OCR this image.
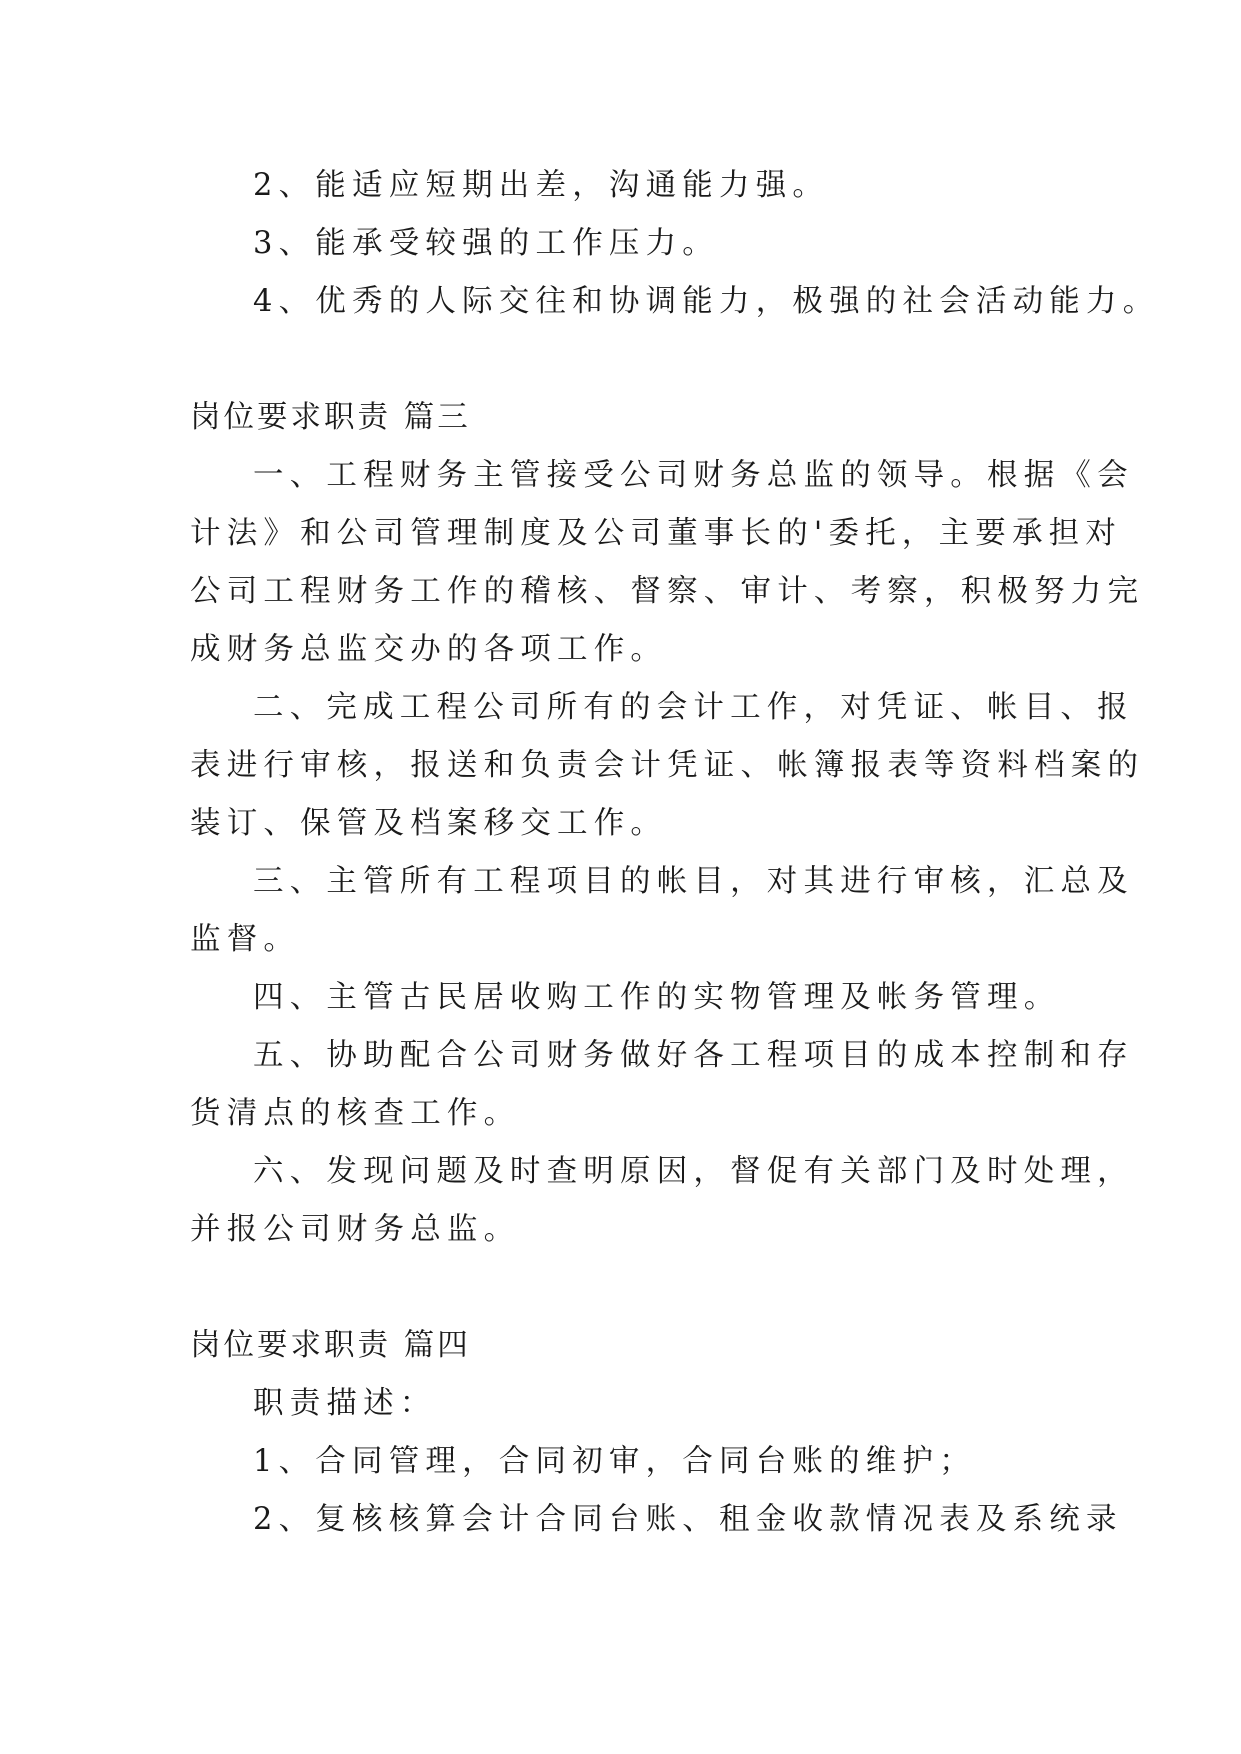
2、能适应短期出差，沟通能力强。
3、能承受较强的工作压力。
4、优秀的人际交往和协调能力，极强的社会活动能力。
岗位要求职责 篇三
一、工程财务主管接受公司财务总监的领导。根据《会
计法》和公司管理制度及公司董事长的'委托，主要承担对
公司工程财务工作的稽核、督察、审计、考察，积极努力完
成财务总监交办的各项工作。
二、完成工程公司所有的会计工作，对凭证、帐目、报
表进行审核，报送和负责会计凭证、帐簿报表等资料档案的
装订、保管及档案移交工作。
三、主管所有工程项目的帐目，对其进行审核，汇总及
监督。
四、主管古民居收购工作的实物管理及帐务管理。
五、协助配合公司财务做好各工程项目的成本控制和存
货清点的核查工作。
六、发现问题及时查明原因，督促有关部门及时处理，
并报公司财务总监。
岗位要求职责 篇四
职责描述：
1、合同管理，合同初审，合同台账的维护；
2、复核核算会计合同台账、租金收款情况表及系统录
